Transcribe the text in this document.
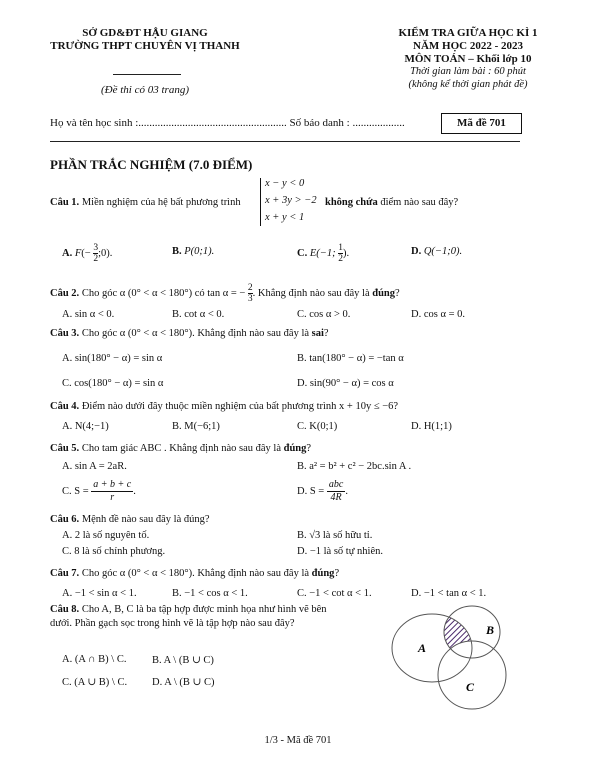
SỞ GD&ĐT HẬU GIANG
TRƯỜNG THPT CHUYÊN VỊ THANH
(Đề thi có 03 trang)
KIỂM TRA GIỮA HỌC KÌ 1
NĂM HỌC 2022 - 2023
MÔN TOÁN – Khối lớp 10
Thời gian làm bài : 60 phút
(không kể thời gian phát đề)
Họ và tên học sinh :...................................................... Số báo danh : ...................	Mã đề 701
PHẦN TRẮC NGHIỆM (7.0 ĐIỂM)
Câu 1. Miền nghiệm của hệ bất phương trình
x − y < 0
x + 3y > −2
x + y < 1
không chứa điểm nào sau đây?
A. $F(- \frac{3}{2}$ ;0).	B. P(0;1).	C. E(−1; $\frac{1}{2}$ ).	D. Q(−1;0).
Câu 2. Cho góc α (0° < α < 180°) có tan α = − $\frac{2}{3}$ . Khẳng định nào sau đây là đúng?
A. sin α < 0.	B. cot α < 0.	C. cos α > 0.	D. cos α = 0.
Câu 3. Cho góc α (0° < α < 180°). Khẳng định nào sau đây là sai?
A. sin(180° − α) = sin α	B. tan(180° − α) = −tan α
C. cos(180° − α) = sin α	D. sin(90° − α) = cos α
Câu 4. Điểm nào dưới đây thuộc miền nghiệm của bất phương trình x + 10y ≤ −6?
A. N(4;−1)	B. M(−6;1)	C. K(0;1)	D. H(1;1)
Câu 5. Cho tam giác ABC . Khẳng định nào sau đây là đúng?
A. sin A = 2aR.	B. a² = b² + c² − 2bc.sin A .
C. $S = \frac{a + b + c}{r}$ .	D. S =
abc
4R
.
Câu 6. Mệnh đề nào sau đây là đúng?
A. 2 là số nguyên tố.	B. √3 là số hữu tỉ.
C. 8 là số chính phương.	D. −1 là số tự nhiên.
Câu 7. Cho góc α (0° < α < 180°). Khẳng định nào sau đây là đúng?
A. −1 < sin α < 1.	B. −1 < cos α < 1.	C. −1 < cot α < 1.	D. −1 < tan α < 1.
Câu 8. Cho A, B, C là ba tập hợp được minh họa như hình vẽ bên
dưới. Phần gạch sọc trong hình vẽ là tập hợp nào sau đây?
A. (A ∩ B) \ C. B. A \ (B ∪ C)
C. (A ∪ B) \ C. D. A \ (B ∪ C)
A
B
C
1/3 - Mã đề 701
